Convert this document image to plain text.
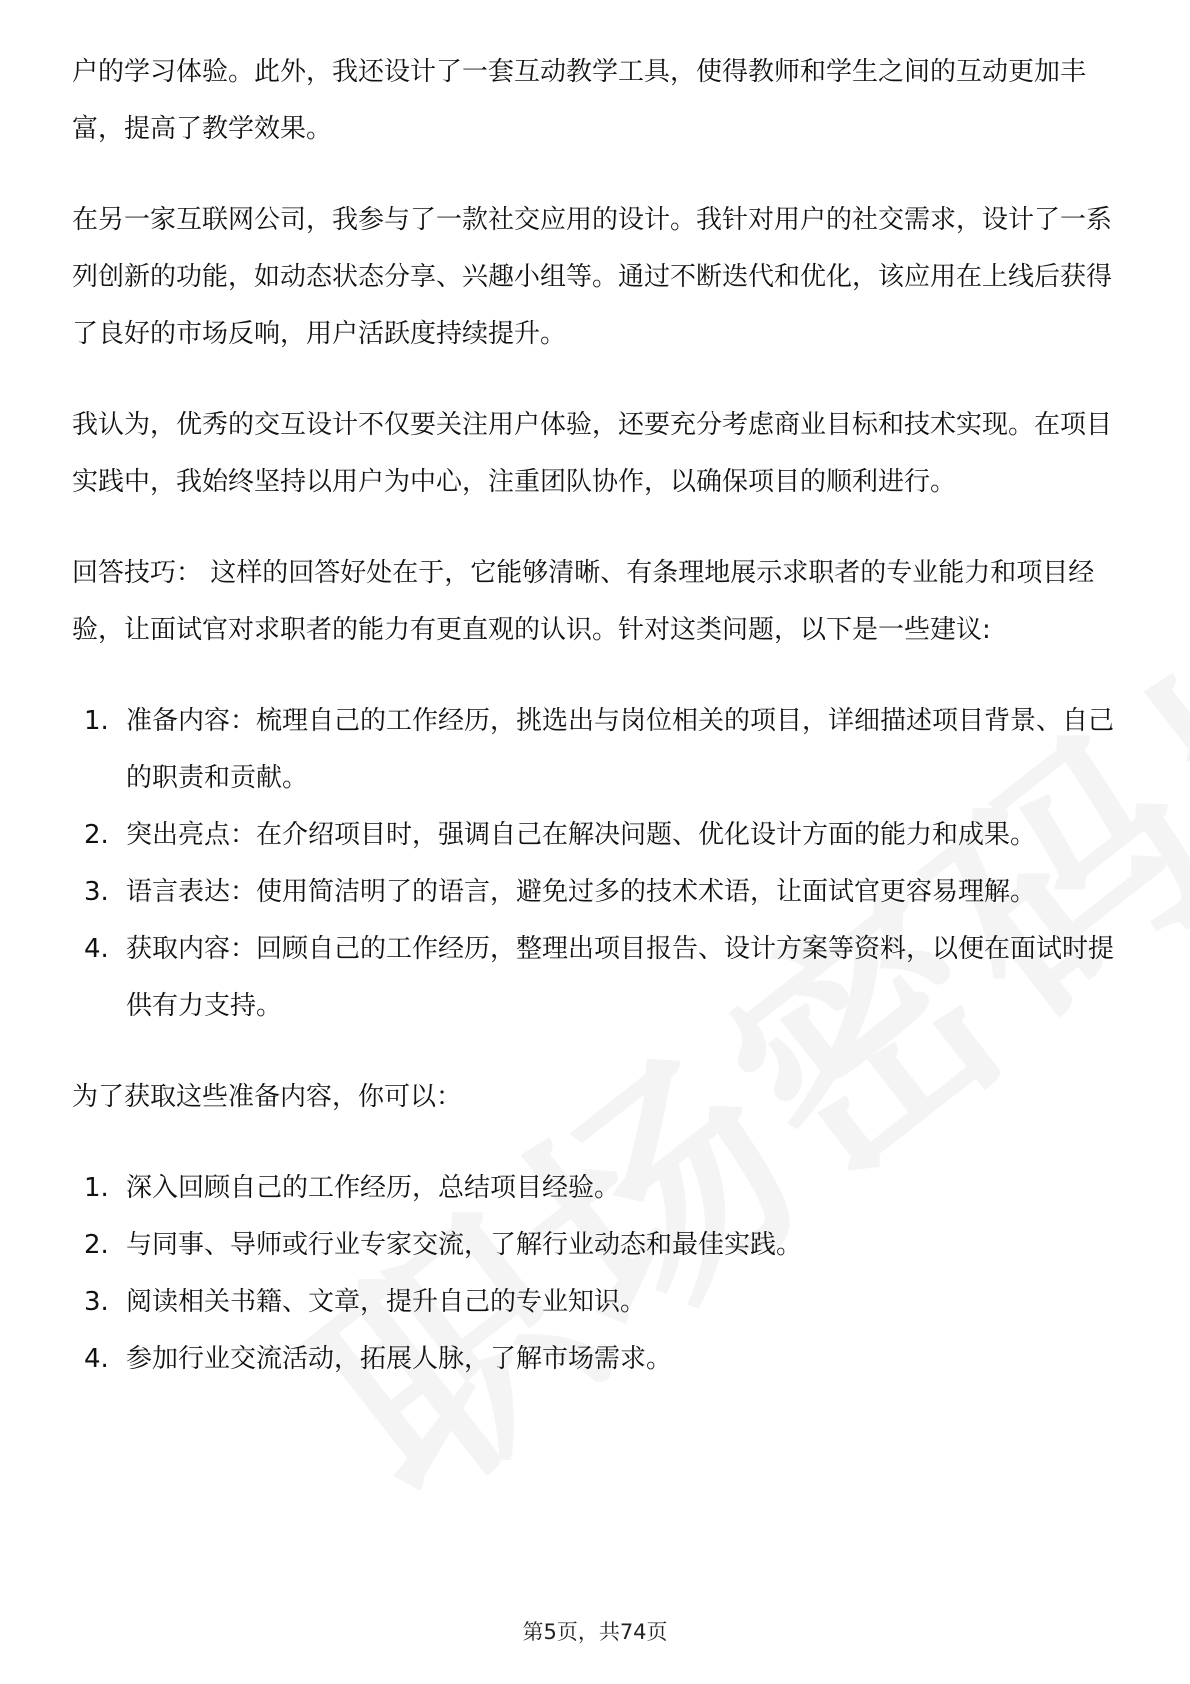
户的学习体验。此外，我还设计了一套互动教学工具，使得教师和学生之间的互动更加丰富，提高了教学效果。

在另一家互联网公司，我参与了一款社交应用的设计。我针对用户的社交需求，设计了一系列创新的功能，如动态状态分享、兴趣小组等。通过不断迭代和优化，该应用在上线后获得了良好的市场反响，用户活跃度持续提升。

我认为，优秀的交互设计不仅要关注用户体验，还要充分考虑商业目标和技术实现。在项目实践中，我始终坚持以用户为中心，注重团队协作，以确保项目的顺利进行。

回答技巧： 这样的回答好处在于，它能够清晰、有条理地展示求职者的专业能力和项目经验，让面试官对求职者的能力有更直观的认识。针对这类问题，以下是一些建议:

1. 准备内容：梳理自己的工作经历，挑选出与岗位相关的项目，详细描述项目背景、自己的职责和贡献。
2. 突出亮点：在介绍项目时，强调自己在解决问题、优化设计方面的能力和成果。
3. 语言表达：使用简洁明了的语言，避免过多的技术术语，让面试官更容易理解。
4. 获取内容：回顾自己的工作经历，整理出项目报告、设计方案等资料，以便在面试时提供有力支持。

为了获取这些准备内容，你可以：

1. 深入回顾自己的工作经历，总结项目经验。
2. 与同事、导师或行业专家交流，了解行业动态和最佳实践。
3. 阅读相关书籍、文章，提升自己的专业知识。
4. 参加行业交流活动，拓展人脉，了解市场需求。
第5页，共74页
